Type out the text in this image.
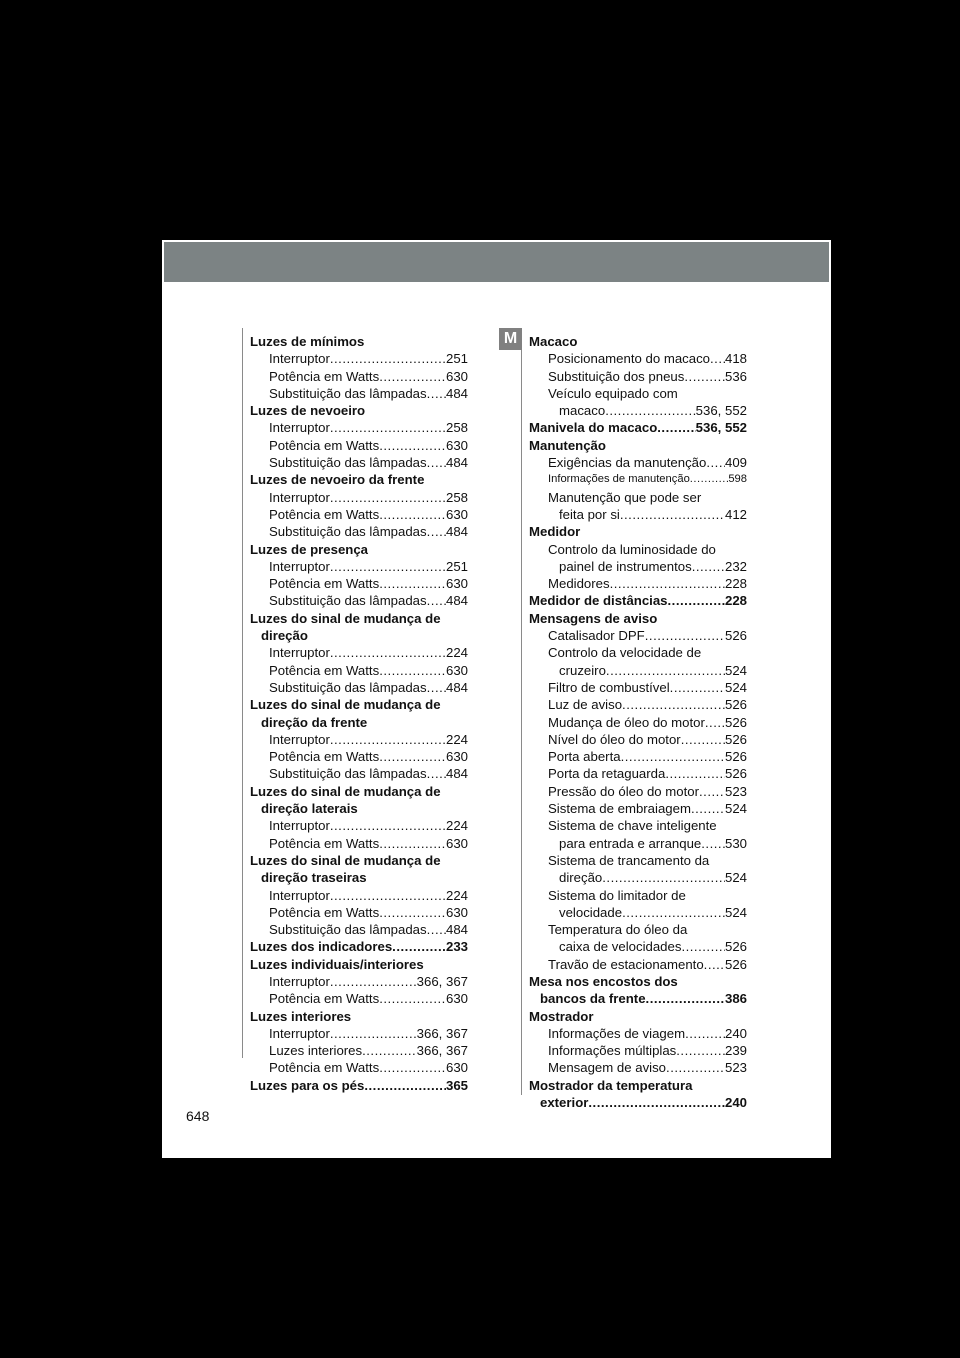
M
Luzes de mínimos
Interruptor .....	251
Potência em Watts .....	630
Substituição das lâmpadas ..... 484
Luzes de nevoeiro
Interruptor .....	258
Potência em Watts .....	630
Substituição das lâmpadas ..... 484
Luzes de nevoeiro da frente
Interruptor .....	258
Potência em Watts .....	630
Substituição das lâmpadas ..... 484
Luzes de presença
Interruptor .....	251
Potência em Watts .....	630
Substituição das lâmpadas ..... 484
Luzes do sinal de mudança de
direção
Interruptor .....	224
Potência em Watts .....	630
Substituição das lâmpadas ..... 484
Luzes do sinal de mudança de
direção da frente
Interruptor .....	224
Potência em Watts .....	630
Substituição das lâmpadas ..... 484
Luzes do sinal de mudança de
direção laterais
Interruptor .....	224
Potência em Watts .....	630
Luzes do sinal de mudança de
direção traseiras
Interruptor .....	224
Potência em Watts .....	630
Substituição das lâmpadas ..... 484
Luzes dos indicadores .....	233
Luzes individuais/interiores
Interruptor .....	366, 367
Potência em Watts .....	630
Luzes interiores
Interruptor .....	366, 367
Luzes interiores .....	366, 367
Potência em Watts .....	630
Luzes para os pés .....	365
Macaco
Posicionamento do macaco ..... 418
Substituição dos pneus .....	536
Veículo equipado com
macaco .....	536, 552
Manivela do macaco .....	536, 552
Manutenção
Exigências da manutenção ..... 409
Informações de manutenção .....	598
Manutenção que pode ser
feita por si .....	412
Medidor
Controlo da luminosidade do
painel de instrumentos .....	232
Medidores .....	228
Medidor de distâncias .....	228
Mensagens de aviso
Catalisador DPF .....	526
Controlo da velocidade de
cruzeiro .....	524
Filtro de combustível .....	524
Luz de aviso .....	526
Mudança de óleo do motor ..... 526
Nível do óleo do motor .....	526
Porta aberta .....	526
Porta da retaguarda .....	526
Pressão do óleo do motor ..... 523
Sistema de embraiagem .....	524
Sistema de chave inteligente
para entrada e arranque ..... 530
Sistema de trancamento da
direção .....	524
Sistema do limitador de
velocidade .....	524
Temperatura do óleo da
caixa de velocidades .....	526
Travão de estacionamento ..... 526
Mesa nos encostos dos
bancos da frente .....	386
Mostrador
Informações de viagem .....	240
Informações múltiplas .....	239
Mensagem de aviso .....	523
Mostrador da temperatura
exterior .....	240
648
